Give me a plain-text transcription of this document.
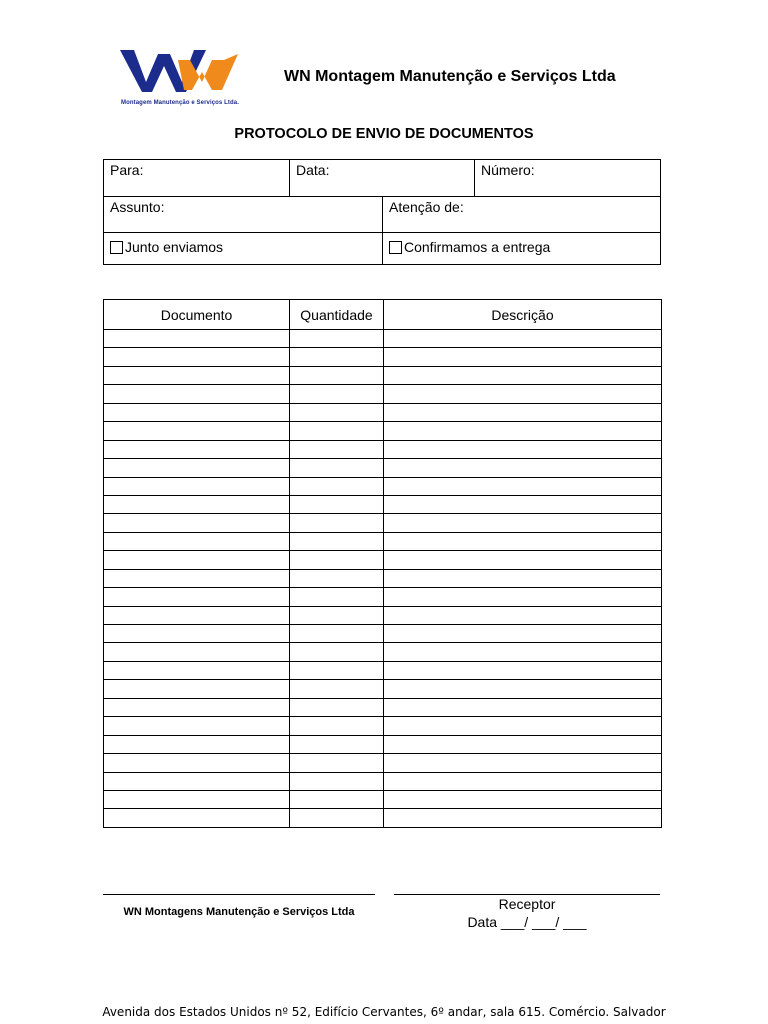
Montagem Manutenção e Serviços Ltda.
WN Montagem Manutenção e Serviços Ltda
PROTOCOLO DE ENVIO DE DOCUMENTOS
Para:	Data:	Número:
Assunto:	Atenção de:
Junto enviamos	Confirmamos a entrega
Documento	Quantidade	Descrição

WN Montagens Manutenção e Serviços Ltda	Receptor
Data ___/ ___/ ___
Avenida dos Estados Unidos nº 52, Edifício Cervantes, 6º andar, sala 615. Comércio. Salvador
